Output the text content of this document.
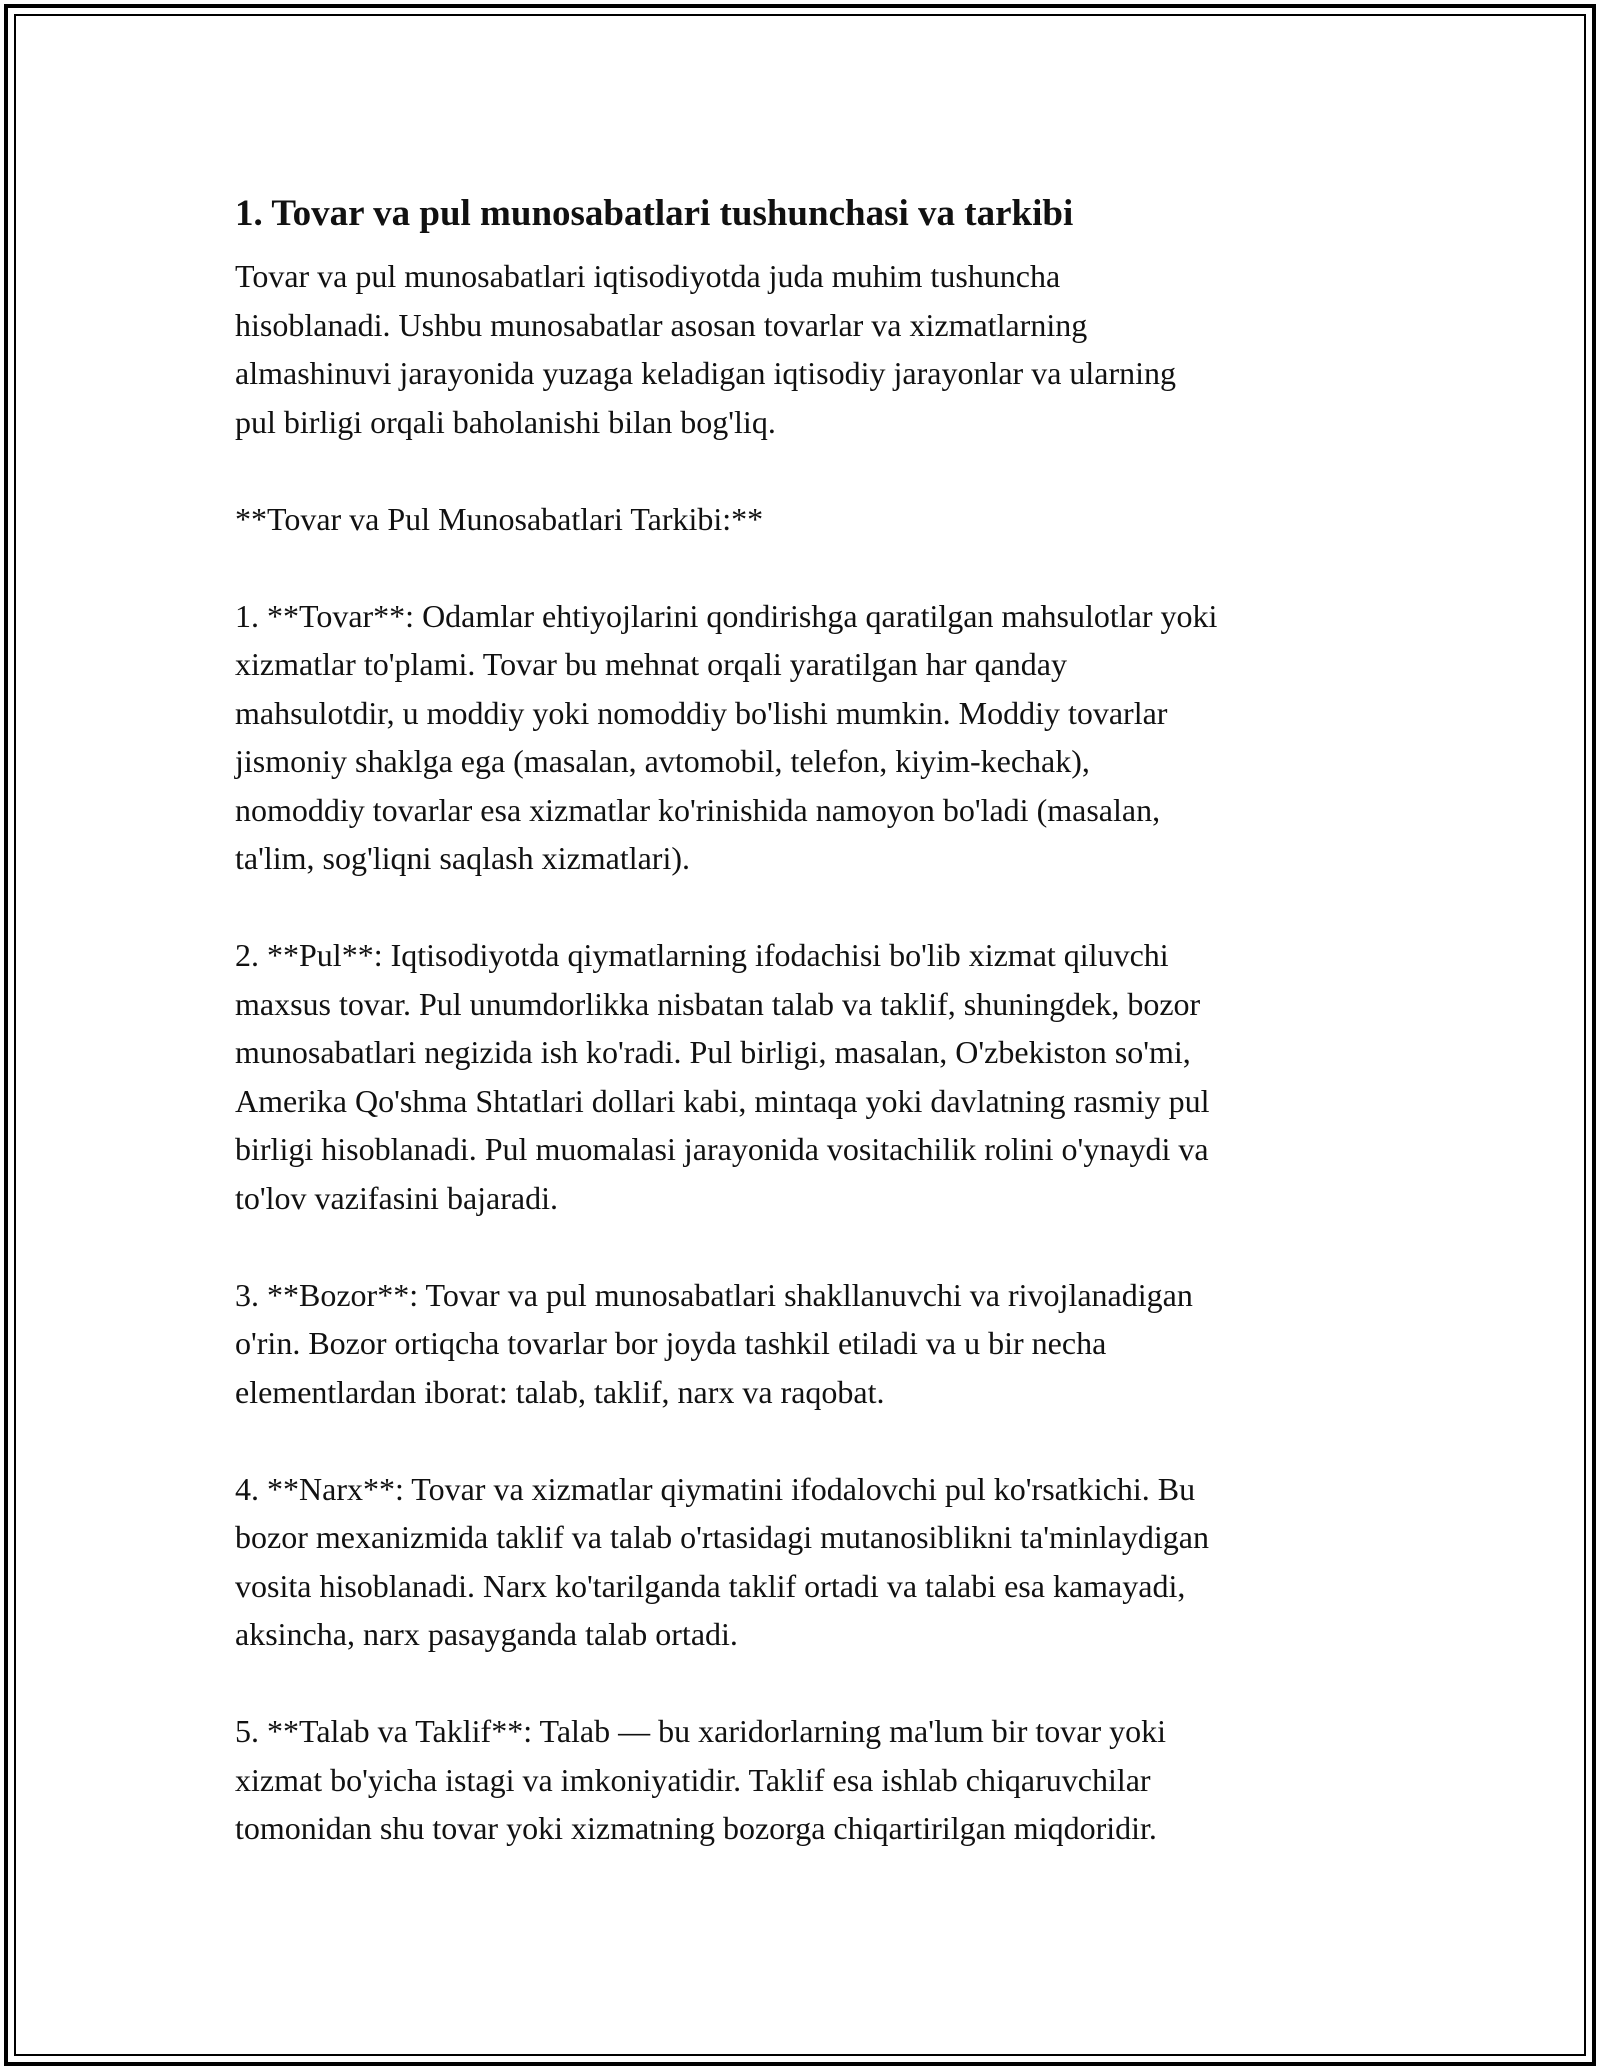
1. Tovar va pul munosabatlari tushunchasi va tarkibi

Tovar va pul munosabatlari iqtisodiyotda juda muhim tushuncha
hisoblanadi. Ushbu munosabatlar asosan tovarlar va xizmatlarning
almashinuvi jarayonida yuzaga keladigan iqtisodiy jarayonlar va ularning
pul birligi orqali baholanishi bilan bog'liq.

**Tovar va Pul Munosabatlari Tarkibi:**

1. **Tovar**: Odamlar ehtiyojlarini qondirishga qaratilgan mahsulotlar yoki
xizmatlar to'plami. Tovar bu mehnat orqali yaratilgan har qanday
mahsulotdir, u moddiy yoki nomoddiy bo'lishi mumkin. Moddiy tovarlar
jismoniy shaklga ega (masalan, avtomobil, telefon, kiyim-kechak),
nomoddiy tovarlar esa xizmatlar ko'rinishida namoyon bo'ladi (masalan,
ta'lim, sog'liqni saqlash xizmatlari).

2. **Pul**: Iqtisodiyotda qiymatlarning ifodachisi bo'lib xizmat qiluvchi
maxsus tovar. Pul unumdorlikka nisbatan talab va taklif, shuningdek, bozor
munosabatlari negizida ish ko'radi. Pul birligi, masalan, O'zbekiston so'mi,
Amerika Qo'shma Shtatlari dollari kabi, mintaqa yoki davlatning rasmiy pul
birligi hisoblanadi. Pul muomalasi jarayonida vositachilik rolini o'ynaydi va
to'lov vazifasini bajaradi.

3. **Bozor**: Tovar va pul munosabatlari shakllanuvchi va rivojlanadigan
o'rin. Bozor ortiqcha tovarlar bor joyda tashkil etiladi va u bir necha
elementlardan iborat: talab, taklif, narx va raqobat.

4. **Narx**: Tovar va xizmatlar qiymatini ifodalovchi pul ko'rsatkichi. Bu
bozor mexanizmida taklif va talab o'rtasidagi mutanosiblikni ta'minlaydigan
vosita hisoblanadi. Narx ko'tarilganda taklif ortadi va talabi esa kamayadi,
aksincha, narx pasayganda talab ortadi.

5. **Talab va Taklif**: Talab — bu xaridorlarning ma'lum bir tovar yoki
xizmat bo'yicha istagi va imkoniyatidir. Taklif esa ishlab chiqaruvchilar
tomonidan shu tovar yoki xizmatning bozorga chiqartirilgan miqdoridir.
